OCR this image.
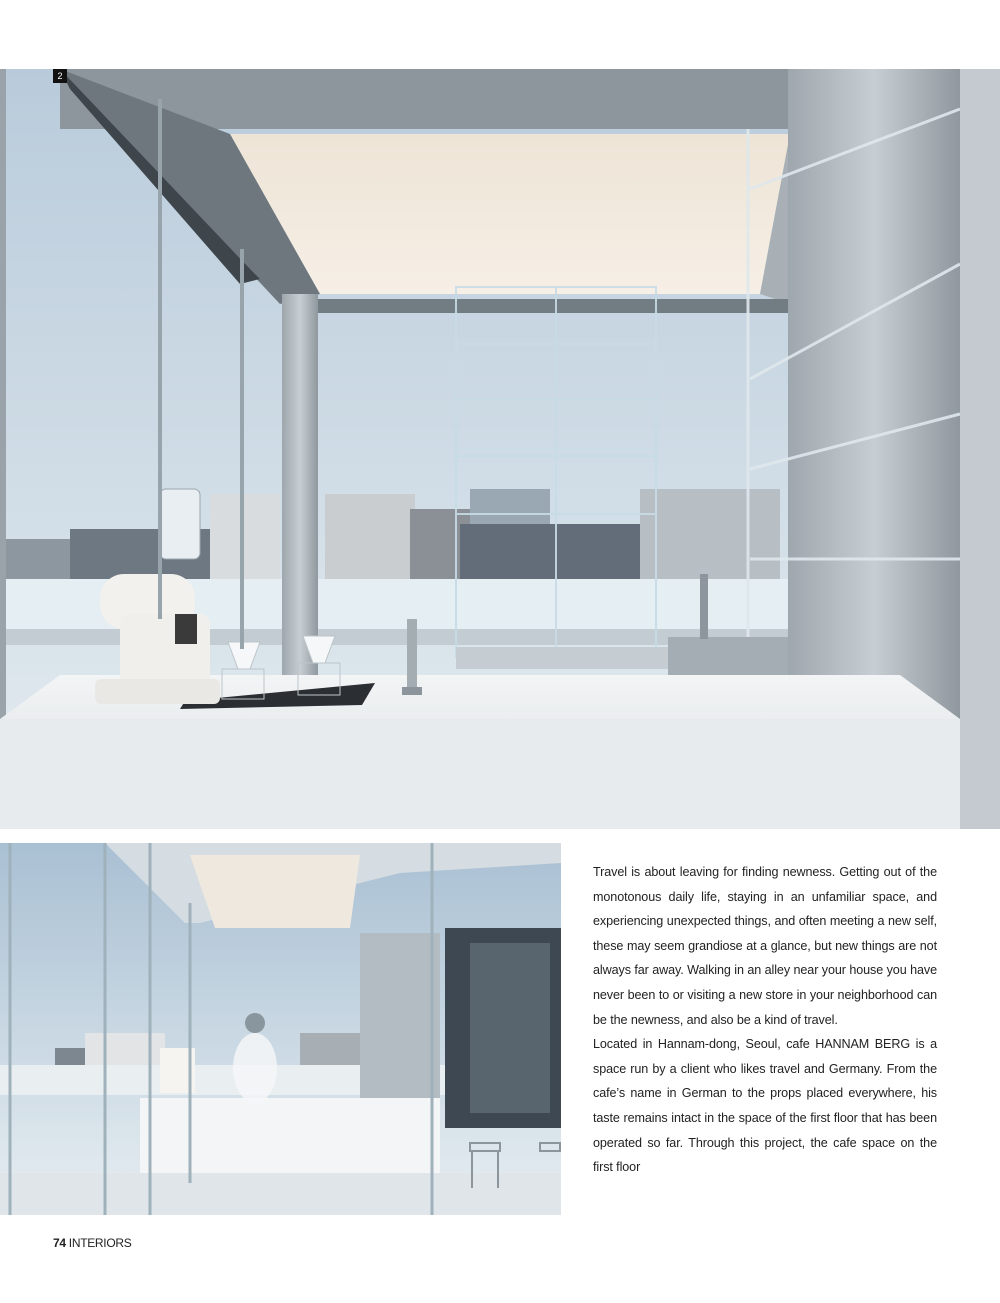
2

Travel is about leaving for finding newness. Getting out of the monotonous daily life, staying in an unfamiliar space, and experiencing unexpected things, and often meeting a new self, these may seem grandiose at a glance, but new things are not always far away. Walking in an alley near your house you have never been to or visiting a new store in your neighborhood can be the newness, and also be a kind of travel.

Located in Hannam-dong, Seoul, cafe HANNAM BERG is a space run by a client who likes travel and Germany. From the cafe’s name in German to the props placed everywhere, his taste remains intact in the space of the first floor that has been operated so far. Through this project, the cafe space on the first floor

74 INTERIORS
